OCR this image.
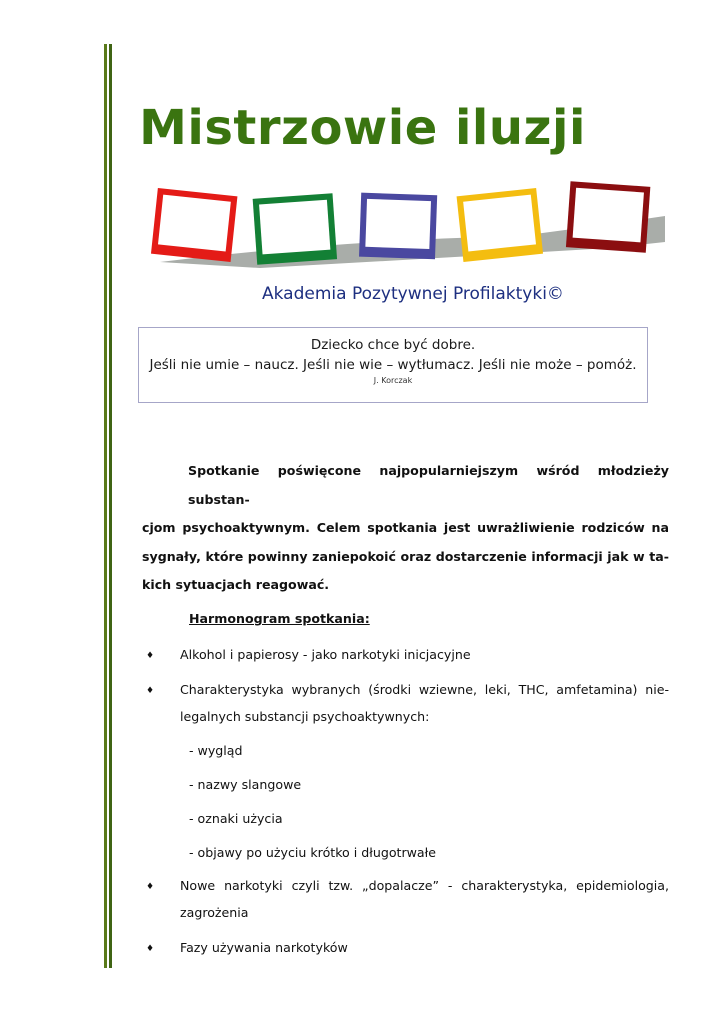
Mistrzowie iluzji
Akademia Pozytywnej Profilaktyki©
Dziecko chce być dobre.
Jeśli nie umie – naucz. Jeśli nie wie – wytłumacz. Jeśli nie może – pomóż.
J. Korczak
Spotkanie poświęcone najpopularniejszym wśród młodzieży substan-
cjom psychoaktywnym. Celem spotkania jest uwrażliwienie rodziców na
sygnały, które powinny zaniepokoić oraz dostarczenie informacji jak w ta-
kich sytuacjach reagować.
Harmonogram spotkania:
♦ Alkohol i papierosy - jako narkotyki inicjacyjne
♦ Charakterystyka wybranych (środki wziewne, leki, THC, amfetamina) nie-
legalnych substancji psychoaktywnych:
- wygląd
- nazwy slangowe
- oznaki użycia
- objawy po użyciu krótko i długotrwałe
♦ Nowe narkotyki czyli tzw. „dopalacze” - charakterystyka, epidemiologia,
zagrożenia
♦ Fazy używania narkotyków
